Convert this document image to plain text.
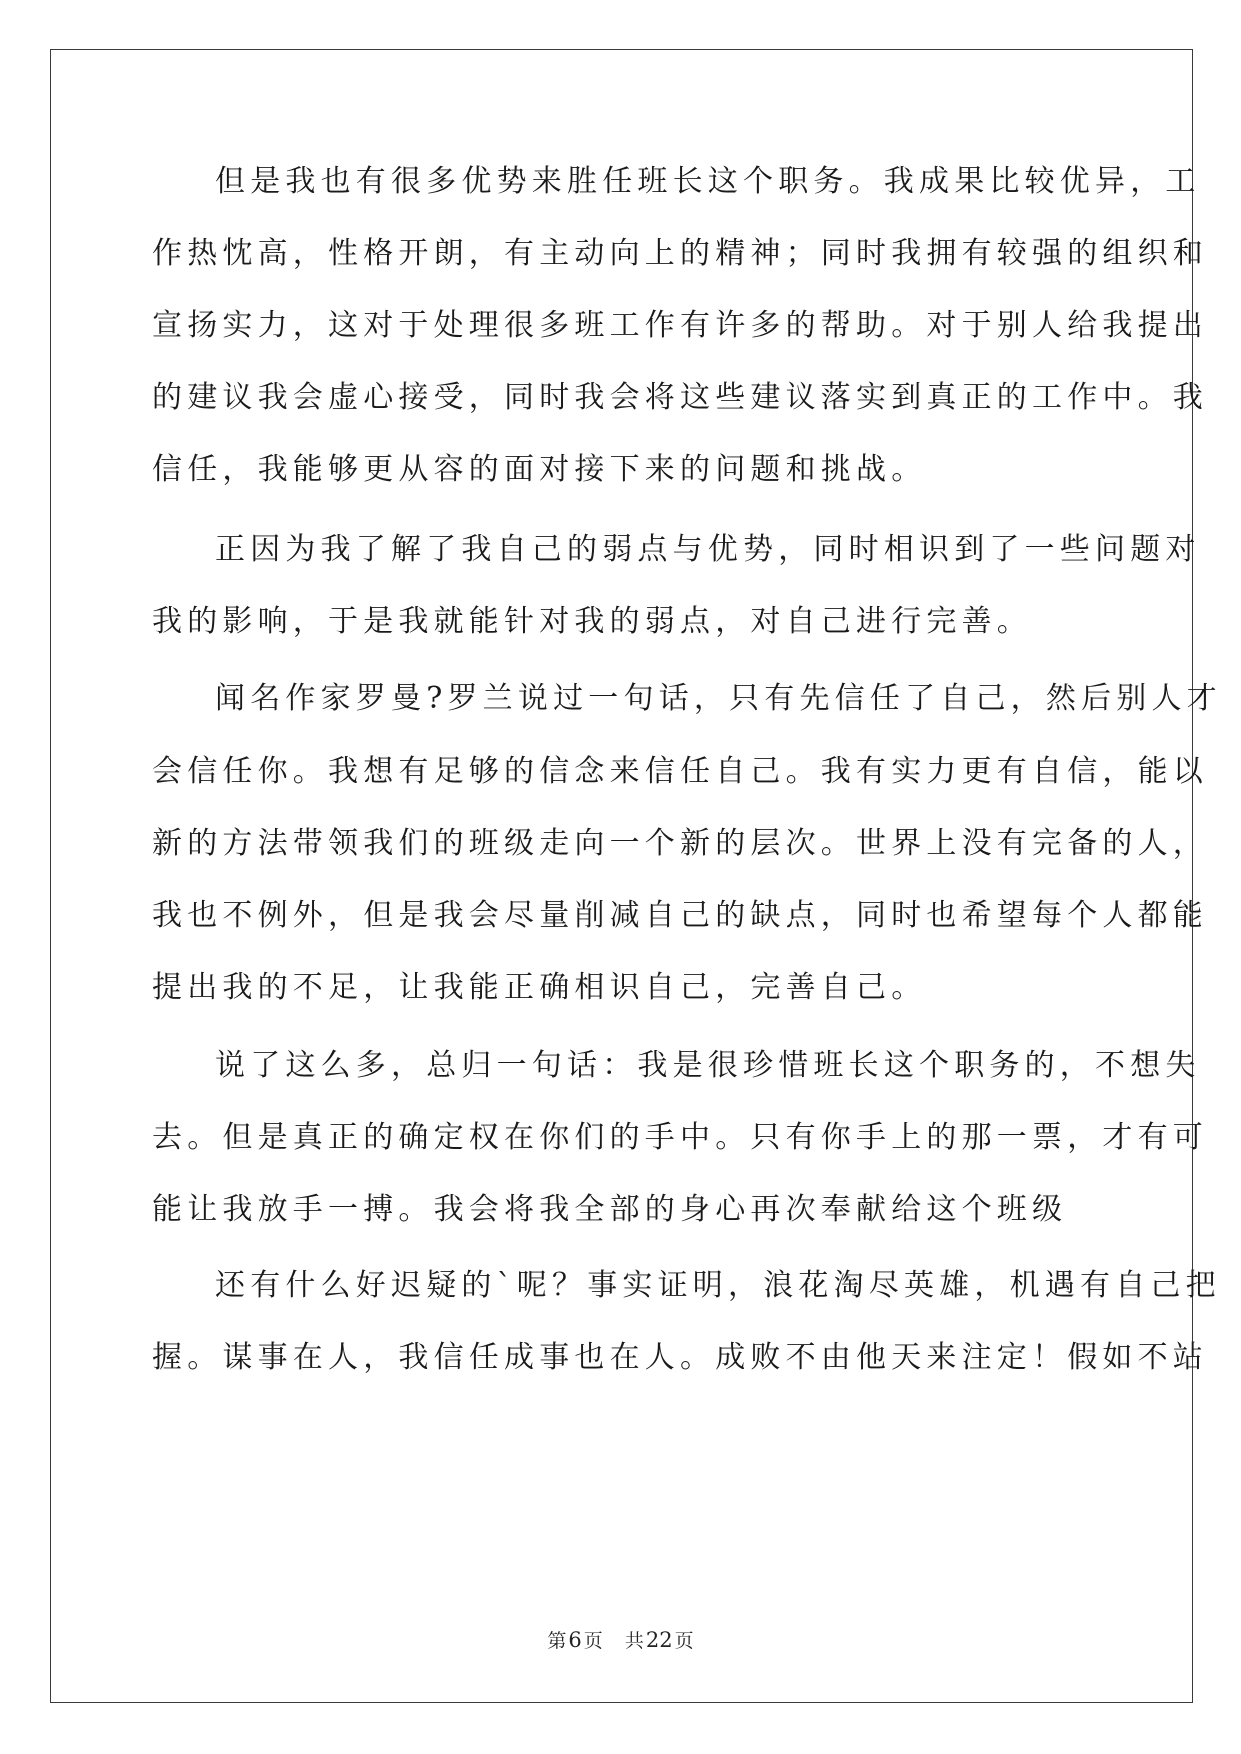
但是我也有很多优势来胜任班长这个职务。我成果比较优异，工
作热忱高，性格开朗，有主动向上的精神；同时我拥有较强的组织和
宣扬实力，这对于处理很多班工作有许多的帮助。对于别人给我提出
的建议我会虚心接受，同时我会将这些建议落实到真正的工作中。我
信任，我能够更从容的面对接下来的问题和挑战。
正因为我了解了我自己的弱点与优势，同时相识到了一些问题对
我的影响，于是我就能针对我的弱点，对自己进行完善。
闻名作家罗曼?罗兰说过一句话，只有先信任了自己，然后别人才
会信任你。我想有足够的信念来信任自己。我有实力更有自信，能以
新的方法带领我们的班级走向一个新的层次。世界上没有完备的人，
我也不例外，但是我会尽量削减自己的缺点，同时也希望每个人都能
提出我的不足，让我能正确相识自己，完善自己。
说了这么多，总归一句话：我是很珍惜班长这个职务的，不想失
去。但是真正的确定权在你们的手中。只有你手上的那一票，才有可
能让我放手一搏。我会将我全部的身心再次奉献给这个班级
还有什么好迟疑的`呢？事实证明，浪花淘尽英雄，机遇有自己把
握。谋事在人，我信任成事也在人。成败不由他天来注定！假如不站
第6 页 共22 页
